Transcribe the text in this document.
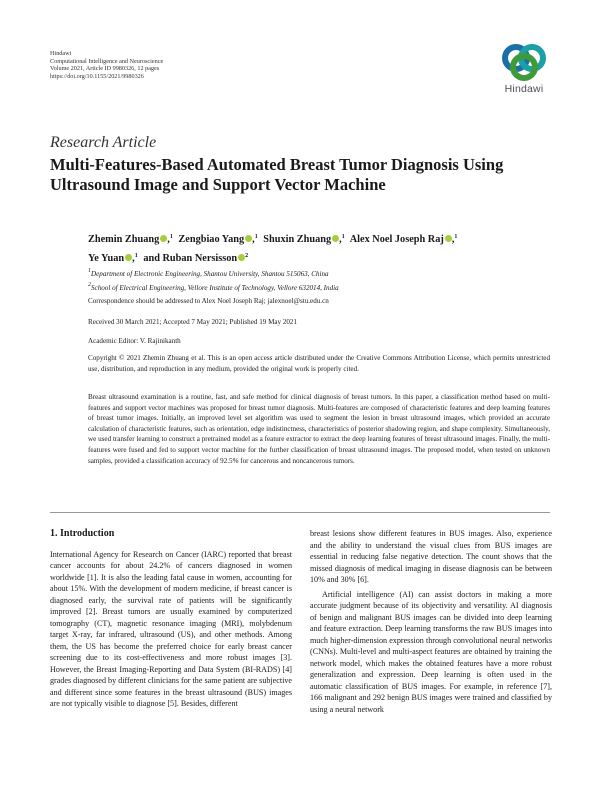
Hindawi
Computational Intelligence and Neuroscience
Volume 2021, Article ID 9980326, 12 pages
https://doi.org/10.1155/2021/9980326
Hindawi
Research Article
Multi-Features-Based Automated Breast Tumor Diagnosis Using Ultrasound Image and Support Vector Machine
Zhemin Zhuang ,$^1$ Zengbiao Yang ,$^1$ Shuxin Zhuang ,$^1$ Alex Noel Joseph Raj ,$^1$
Ye Yuan ,$^1$ and Ruban Nersisson $^2$
$^1$Department of Electronic Engineering, Shantou University, Shantou 515063, China
$^2$School of Electrical Engineering, Vellore Institute of Technology, Vellore 632014, India
Correspondence should be addressed to Alex Noel Joseph Raj; jalexnoel@stu.edu.cn
Received 30 March 2021; Accepted 7 May 2021; Published 19 May 2021
Academic Editor: V. Rajinikanth
Copyright © 2021 Zhemin Zhuang et al. This is an open access article distributed under the Creative Commons Attribution License, which permits unrestricted use, distribution, and reproduction in any medium, provided the original work is properly cited.
Breast ultrasound examination is a routine, fast, and safe method for clinical diagnosis of breast tumors. In this paper, a classification method based on multi-features and support vector machines was proposed for breast tumor diagnosis. Multi-features are composed of characteristic features and deep learning features of breast tumor images. Initially, an improved level set algorithm was used to segment the lesion in breast ultrasound images, which provided an accurate calculation of characteristic features, such as orientation, edge indistinctness, characteristics of posterior shadowing region, and shape complexity. Simultaneously, we used transfer learning to construct a pretrained model as a feature extractor to extract the deep learning features of breast ultrasound images. Finally, the multi-features were fused and fed to support vector machine for the further classification of breast ultrasound images. The proposed model, when tested on unknown samples, provided a classification accuracy of 92.5% for cancerous and noncancerous tumors.
1. Introduction

International Agency for Research on Cancer (IARC) reported that breast cancer accounts for about 24.2% of cancers diagnosed in women worldwide [1]. It is also the leading fatal cause in women, accounting for about 15%. With the development of modern medicine, if breast cancer is diagnosed early, the survival rate of patients will be significantly improved [2]. Breast tumors are usually examined by computerized tomography (CT), magnetic resonance imaging (MRI), molybdenum target X-ray, far infrared, ultrasound (US), and other methods. Among them, the US has become the preferred choice for early breast cancer screening due to its cost-effectiveness and more robust images [3]. However, the Breast Imaging-Reporting and Data System (BI-RADS) [4] grades diagnosed by different clinicians for the same patient are subjective and different since some features in the breast ultrasound (BUS) images are not typically visible to diagnose [5]. Besides, different

breast lesions show different features in BUS images. Also, experience and the ability to understand the visual clues from BUS images are essential in reducing false negative detection. The count shows that the missed diagnosis of medical imaging in disease diagnosis can be between 10% and 30% [6].

Artificial intelligence (AI) can assist doctors in making a more accurate judgment because of its objectivity and versatility. AI diagnosis of benign and malignant BUS images can be divided into deep learning and feature extraction. Deep learning transforms the raw BUS images into much higher-dimension expression through convolutional neural networks (CNNs). Multi-level and multi-aspect features are obtained by training the network model, which makes the obtained features have a more robust generalization and expression. Deep learning is often used in the automatic classification of BUS images. For example, in reference [7], 166 malignant and 292 benign BUS images were trained and classified by using a neural network
